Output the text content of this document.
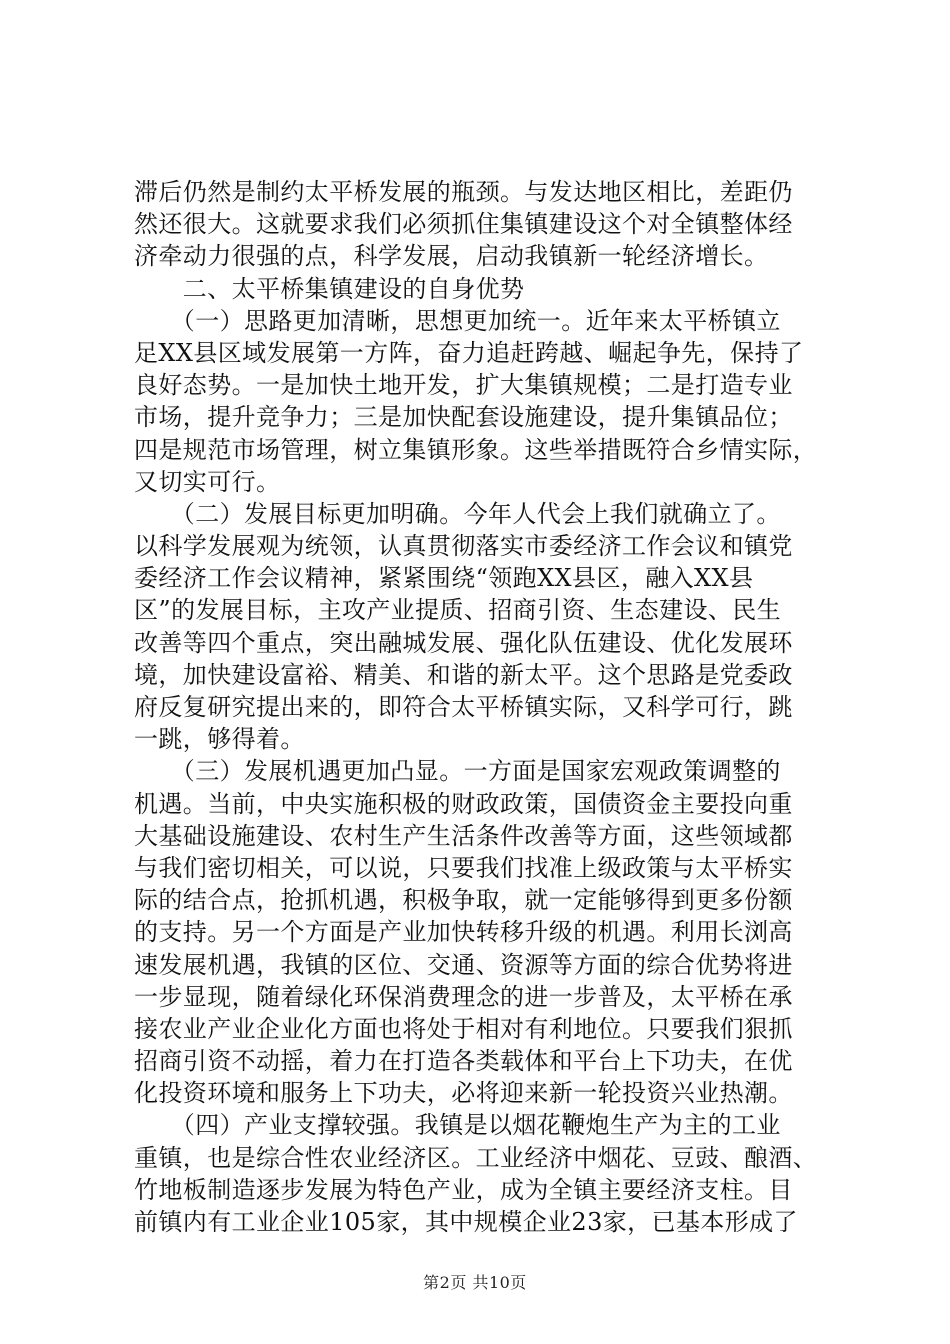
滞后仍然是制约太平桥发展的瓶颈。与发达地区相比，差距仍
然还很大。这就要求我们必须抓住集镇建设这个对全镇整体经
济牵动力很强的点，科学发展，启动我镇新一轮经济增长。
　　二、太平桥集镇建设的自身优势
　　（一）思路更加清晰，思想更加统一。近年来太平桥镇立
足XX县区域发展第一方阵，奋力追赶跨越、崛起争先，保持了
良好态势。一是加快土地开发，扩大集镇规模；二是打造专业
市场，提升竞争力；三是加快配套设施建设，提升集镇品位；
四是规范市场管理，树立集镇形象。这些举措既符合乡情实际，
又切实可行。
　　（二）发展目标更加明确。今年人代会上我们就确立了。
以科学发展观为统领，认真贯彻落实市委经济工作会议和镇党
委经济工作会议精神，紧紧围绕“领跑XX县区，融入XX县
区”的发展目标，主攻产业提质、招商引资、生态建设、民生
改善等四个重点，突出融城发展、强化队伍建设、优化发展环
境，加快建设富裕、精美、和谐的新太平。这个思路是党委政
府反复研究提出来的，即符合太平桥镇实际，又科学可行，跳
一跳，够得着。
　　（三）发展机遇更加凸显。一方面是国家宏观政策调整的
机遇。当前，中央实施积极的财政政策，国债资金主要投向重
大基础设施建设、农村生产生活条件改善等方面，这些领域都
与我们密切相关，可以说，只要我们找准上级政策与太平桥实
际的结合点，抢抓机遇，积极争取，就一定能够得到更多份额
的支持。另一个方面是产业加快转移升级的机遇。利用长浏高
速发展机遇，我镇的区位、交通、资源等方面的综合优势将进
一步显现，随着绿化环保消费理念的进一步普及，太平桥在承
接农业产业企业化方面也将处于相对有利地位。只要我们狠抓
招商引资不动摇，着力在打造各类载体和平台上下功夫，在优
化投资环境和服务上下功夫，必将迎来新一轮投资兴业热潮。
　　（四）产业支撑较强。我镇是以烟花鞭炮生产为主的工业
重镇，也是综合性农业经济区。工业经济中烟花、豆豉、酿酒、
竹地板制造逐步发展为特色产业，成为全镇主要经济支柱。目
前镇内有工业企业105家，其中规模企业23家，已基本形成了
第2页 共10页
